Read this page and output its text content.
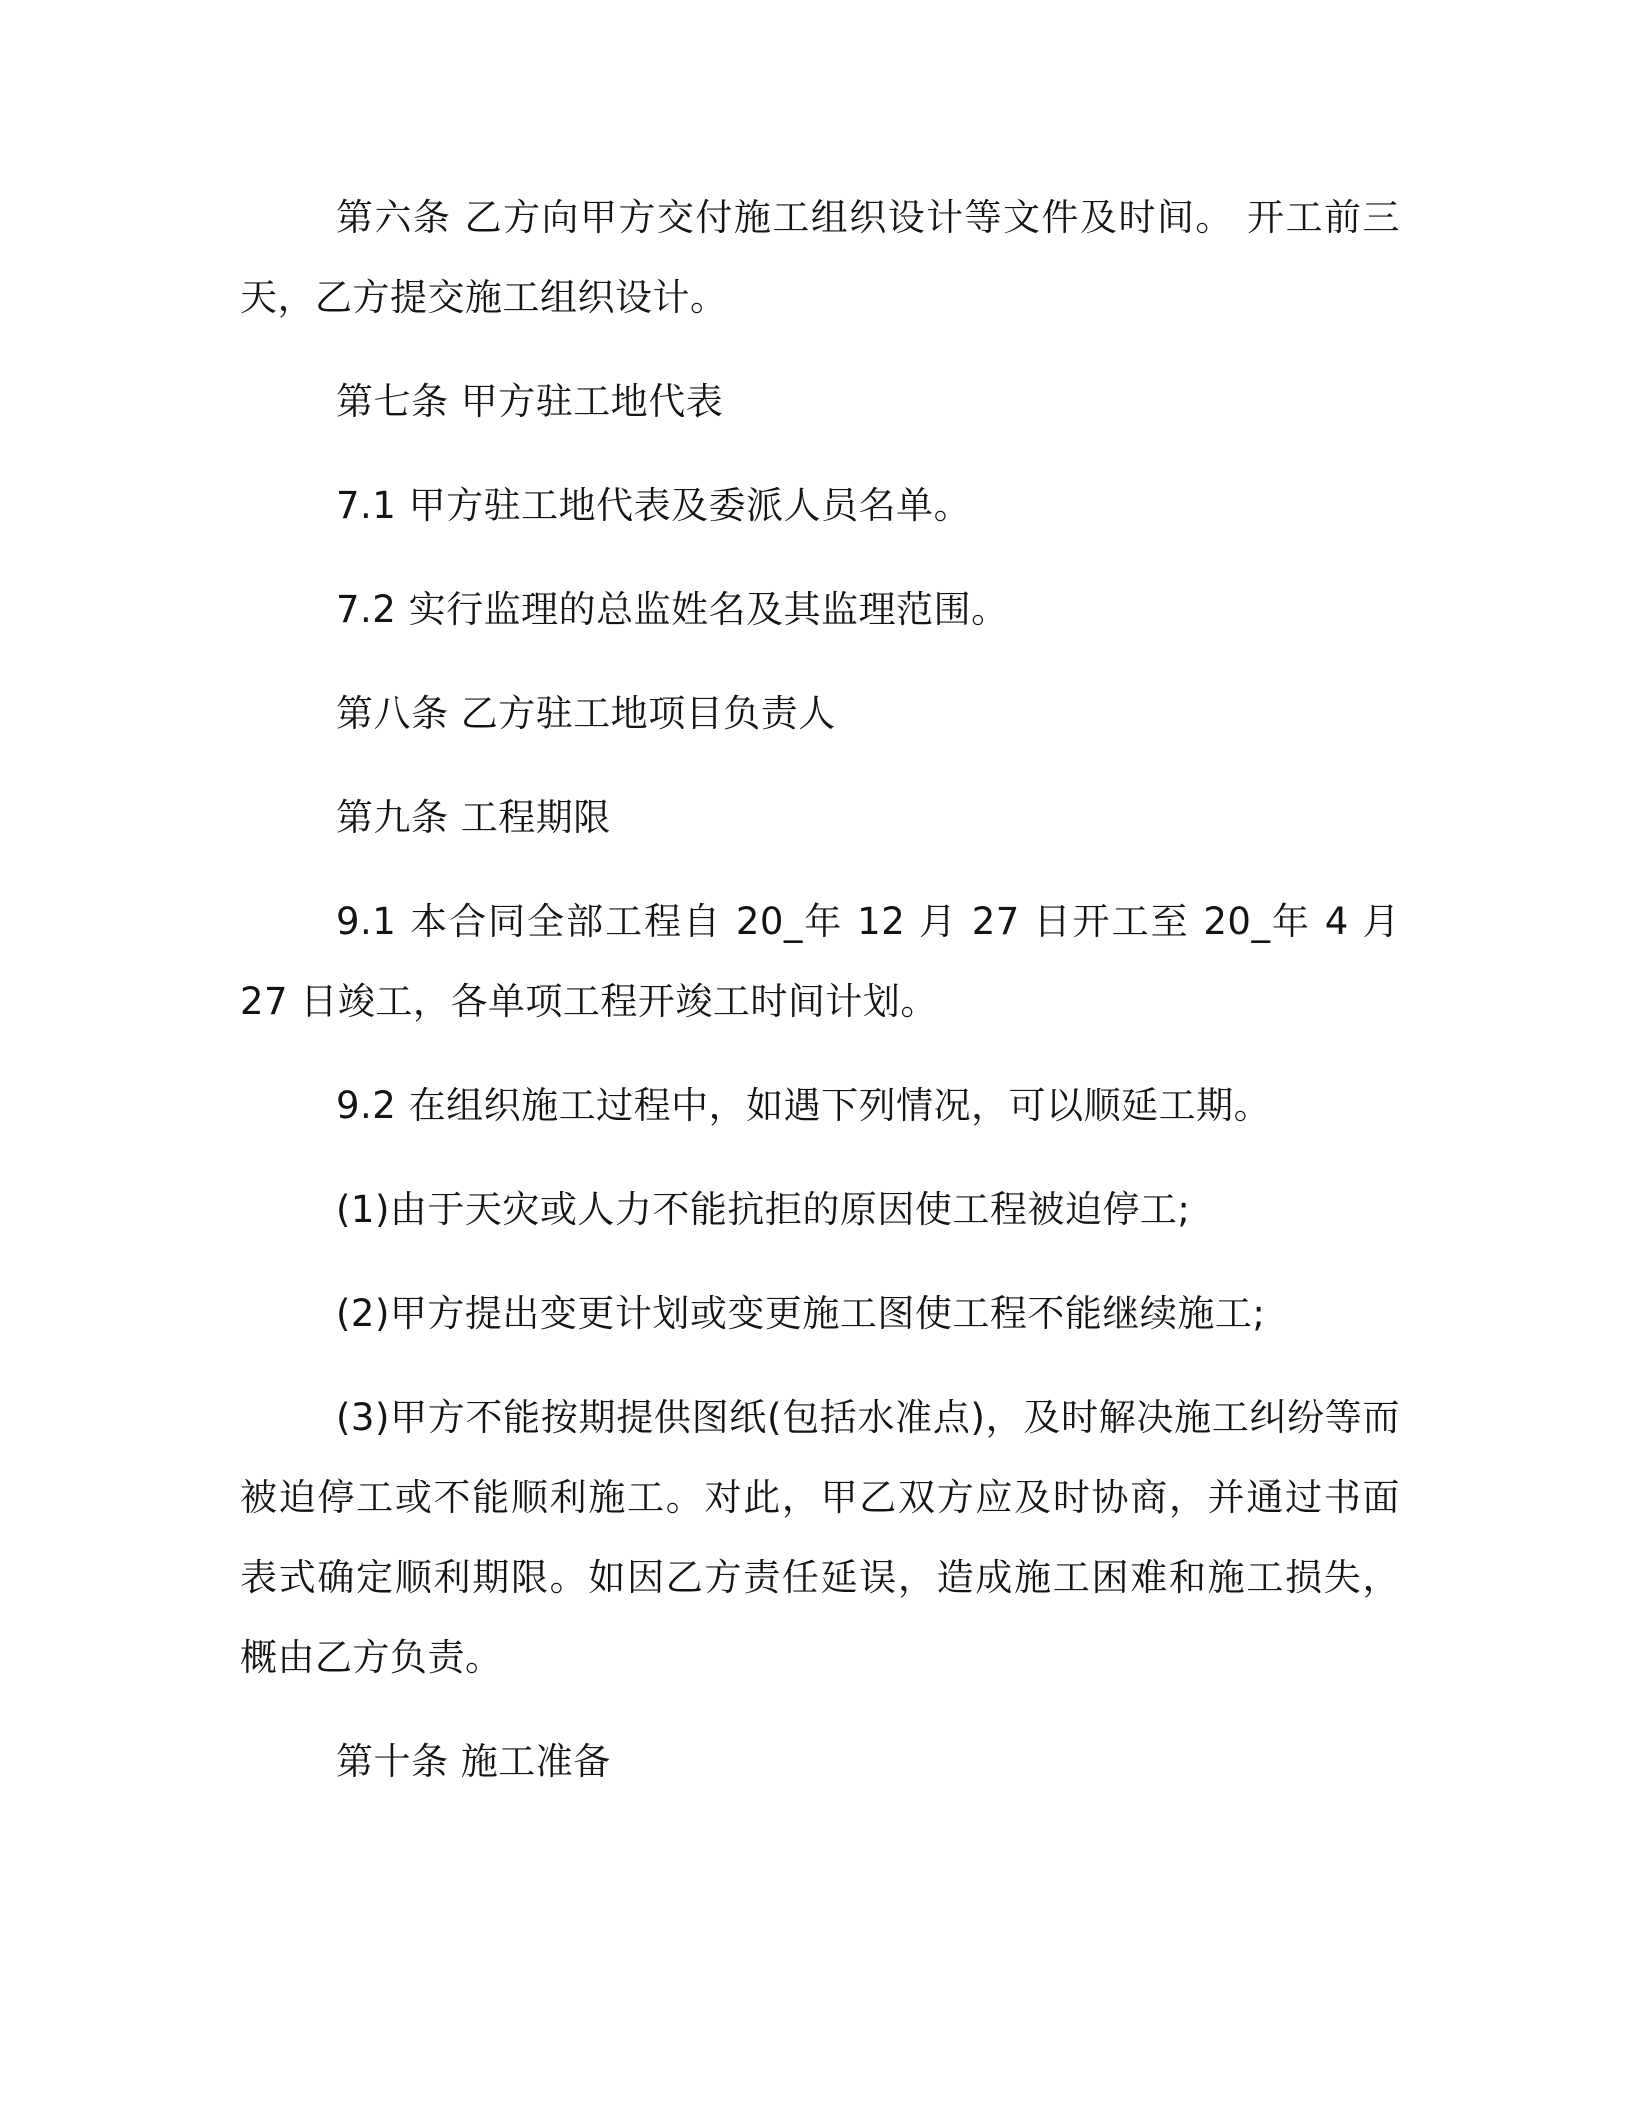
第六条 乙方向甲方交付施工组织设计等文件及时间。 开工前三天，乙方提交施工组织设计。

第七条 甲方驻工地代表

7.1 甲方驻工地代表及委派人员名单。

7.2 实行监理的总监姓名及其监理范围。

第八条 乙方驻工地项目负责人

第九条 工程期限

9.1 本合同全部工程自 20_年 12 月 27 日开工至 20_年 4 月 27 日竣工，各单项工程开竣工时间计划。

9.2 在组织施工过程中，如遇下列情况，可以顺延工期。

(1)由于天灾或人力不能抗拒的原因使工程被迫停工;

(2)甲方提出变更计划或变更施工图使工程不能继续施工;

(3)甲方不能按期提供图纸(包括水准点)，及时解决施工纠纷等而被迫停工或不能顺利施工。对此，甲乙双方应及时协商，并通过书面表式确定顺利期限。如因乙方责任延误，造成施工困难和施工损失，概由乙方负责。

第十条 施工准备
